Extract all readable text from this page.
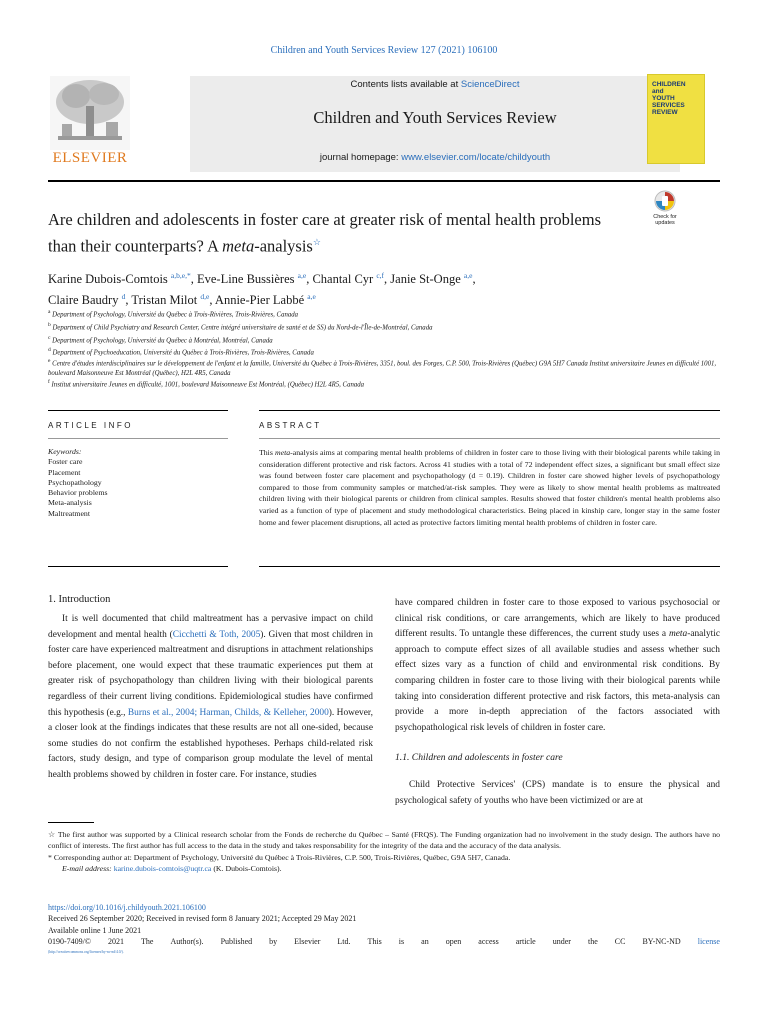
Children and Youth Services Review 127 (2021) 106100
ELSEVIER
Contents lists available at ScienceDirect
Children and Youth Services Review
journal homepage: www.elsevier.com/locate/childyouth
CHILDREN
and
YOUTH
SERVICES
REVIEW
Are children and adolescents in foster care at greater risk of mental health problems than their counterparts? A meta-analysis☆
Check for
updates
Karine Dubois-Comtois $^{a,b,e,*}$, Eve-Line Bussières $^{a,e}$, Chantal Cyr $^{c,f}$, Janie St-Onge $^{a,e}$,
Claire Baudry $^d$, Tristan Milot $^{d,e}$, Annie-Pier Labbé $^{a,e}$
$^a$ Department of Psychology, Université du Québec à Trois-Rivières, Trois-Rivières, Canada
$^b$ Department of Child Psychiatry and Research Center, Centre intégré universitaire de santé et de SS) du Nord-de-l'Île-de-Montréal, Canada
$^c$ Department of Psychology, Université du Québec à Montréal, Montréal, Canada
$^d$ Department of Psychoeducation, Université du Québec à Trois-Rivières, Trois-Rivières, Canada
$^e$ Centre d'études interdisciplinaires sur le développement de l'enfant et la famille, Université du Québec à Trois-Rivières, 3351, boul. des Forges, C.P. 500, Trois-Rivières (Québec) G9A 5H7 Canada Institut universitaire Jeunes en difficulté 1001, boulevard Maisonneuve Est Montréal (Québec), H2L 4R5, Canada
$^f$ Institut universitaire Jeunes en difficulté, 1001, boulevard Maisonneuve Est Montréal, (Québec) H2L 4R5, Canada
ARTICLE INFO	ABSTRACT
Keywords:
Foster care
Placement
Psychopathology
Behavior problems
Meta-analysis
Maltreatment
This meta-analysis aims at comparing mental health problems of children in foster care to those living with their biological parents while taking in consideration different protective and risk factors. Across 41 studies with a total of 72 independent effect sizes, a significant but small effect size was found between foster care placement and psychopathology (d = 0.19). Children in foster care showed higher levels of psychopathology compared to those from community samples or matched/at-risk samples. They were as likely to show mental health problems as maltreated children living with their biological parents or children from clinical samples. Results showed that foster children's mental health problems also varied as a function of type of placement and study methodological characteristics. Being placed in kinship care, longer stay in the same foster home and fewer placement disruptions, all acted as protective factors limiting mental health problems of children in foster care.
1. Introduction
It is well documented that child maltreatment has a pervasive impact on child development and mental health (Cicchetti & Toth, 2005). Given that most children in foster care have experienced maltreatment and disruptions in attachment relationships before placement, one would expect that these traumatic experiences put them at greater risk of psychopathology than children living with their biological parents regardless of their current living conditions. Epidemiological studies have confirmed this hypothesis (e.g., Burns et al., 2004; Harman, Childs, & Kelleher, 2000). However, a closer look at the findings indicates that these results are not all one-sided, because some studies do not confirm the established hypotheses. Perhaps child-related risk factors, study design, and type of comparison group modulate the level of mental health problems showed by children in foster care. For instance, studies
have compared children in foster care to those exposed to various psychosocial or clinical risk conditions, or care arrangements, which are likely to have produced different results. To untangle these differences, the current study uses a meta-analytic approach to compute effect sizes of all available studies and assess whether such effect sizes vary as a function of child and environmental risk conditions. By comparing children in foster care to those living with their biological parents while taking into consideration different protective and risk factors, this meta-analysis can provide a more in-depth appreciation of the factors associated with psychopathological risk levels of children in foster care.
1.1. Children and adolescents in foster care
Child Protective Services' (CPS) mandate is to ensure the physical and psychological safety of youths who have been victimized or are at
☆ The first author was supported by a Clinical research scholar from the Fonds de recherche du Québec – Santé (FRQS). The Funding organization had no involvement in the study design. The authors have no conflict of interests. The first author has full access to the data in the study and takes responsability for the integrity of the data and the accuracy of the data analysis.
* Corresponding author at: Department of Psychology, Université du Québec à Trois-Rivières, C.P. 500, Trois-Rivières, Québec, G9A 5H7, Canada.
E-mail address: karine.dubois-comtois@uqtr.ca (K. Dubois-Comtois).
https://doi.org/10.1016/j.childyouth.2021.106100
Received 26 September 2020; Received in revised form 8 January 2021; Accepted 29 May 2021
Available online 1 June 2021
0190-7409/© 2021 The Author(s). Published by Elsevier Ltd. This is an open access article under the CC BY-NC-ND license
(http://creativecommons.org/licenses/by-nc-nd/4.0/).
